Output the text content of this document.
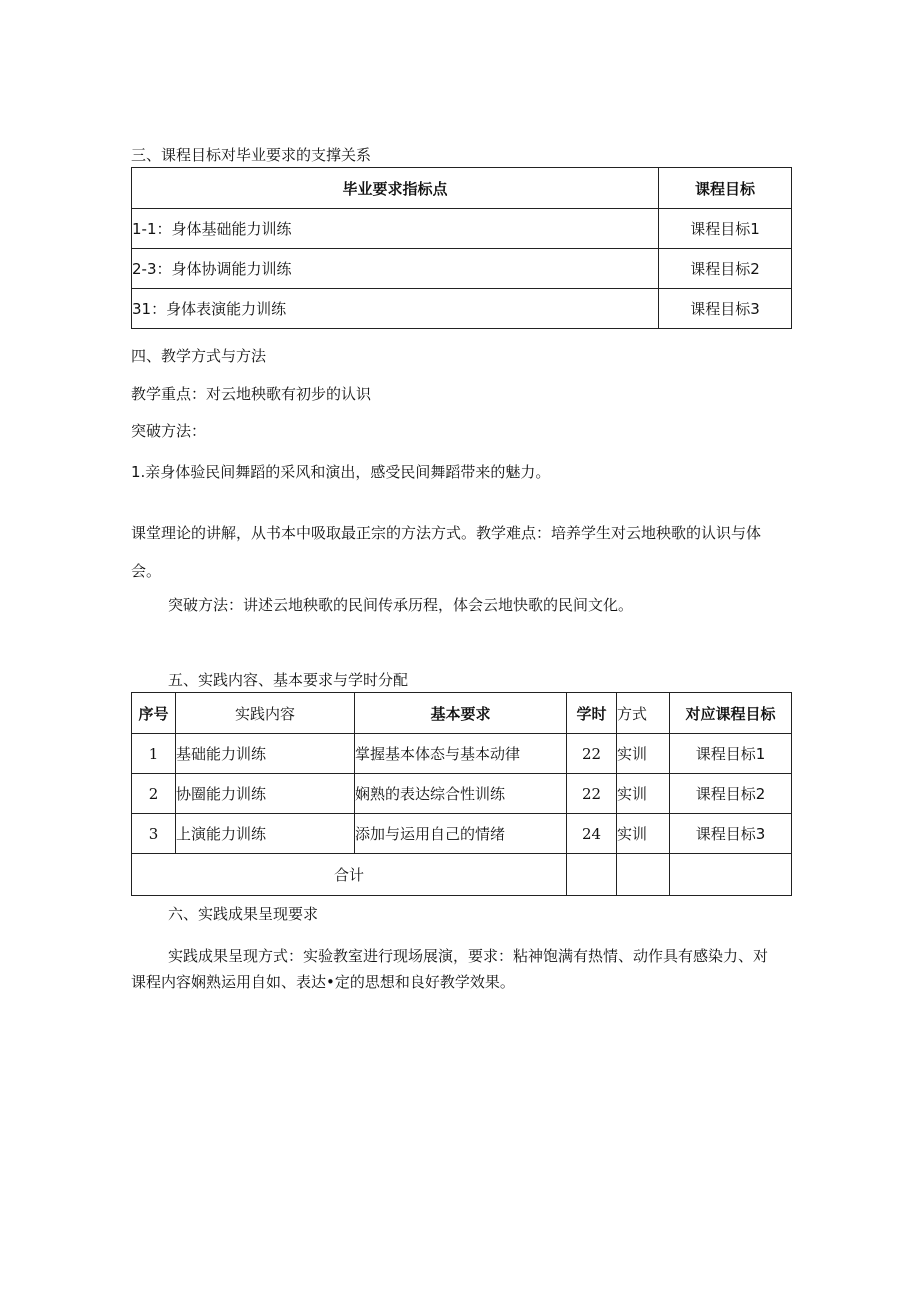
三、课程目标对毕业要求的支撑关系
毕业要求指标点	课程目标
1-1：身体基础能力训练	课程目标1
2-3：身体协调能力训练	课程目标2
31：身体表演能力训练	课程目标3
四、教学方式与方法
教学重点：对云地秧歌有初步的认识
突破方法：
1.亲身体验民间舞蹈的采风和演出，感受民间舞蹈带来的魅力。
课堂理论的讲解，从书本中吸取最正宗的方法方式。教学难点：培养学生对云地秧歌的认识与体
会。
突破方法：讲述云地秧歌的民间传承历程，体会云地快歌的民间文化。
五、实践内容、基本要求与学时分配
序号	实践内容	基本要求	学时	方式	对应课程目标
1	基础能力训练	掌握基本体态与基本动律	22	实训	课程目标1
2	协圈能力训练	娴熟的表达综合性训练	22	实训	课程目标2
3	上演能力训练	添加与运用自己的情绪	24	实训	课程目标3
合计					
六、实践成果呈现要求
实践成果呈现方式：实验教室进行现场展演，要求：粘神饱满有热情、动作具有感染力、对
课程内容娴熟运用自如、表达•定的思想和良好教学效果。
